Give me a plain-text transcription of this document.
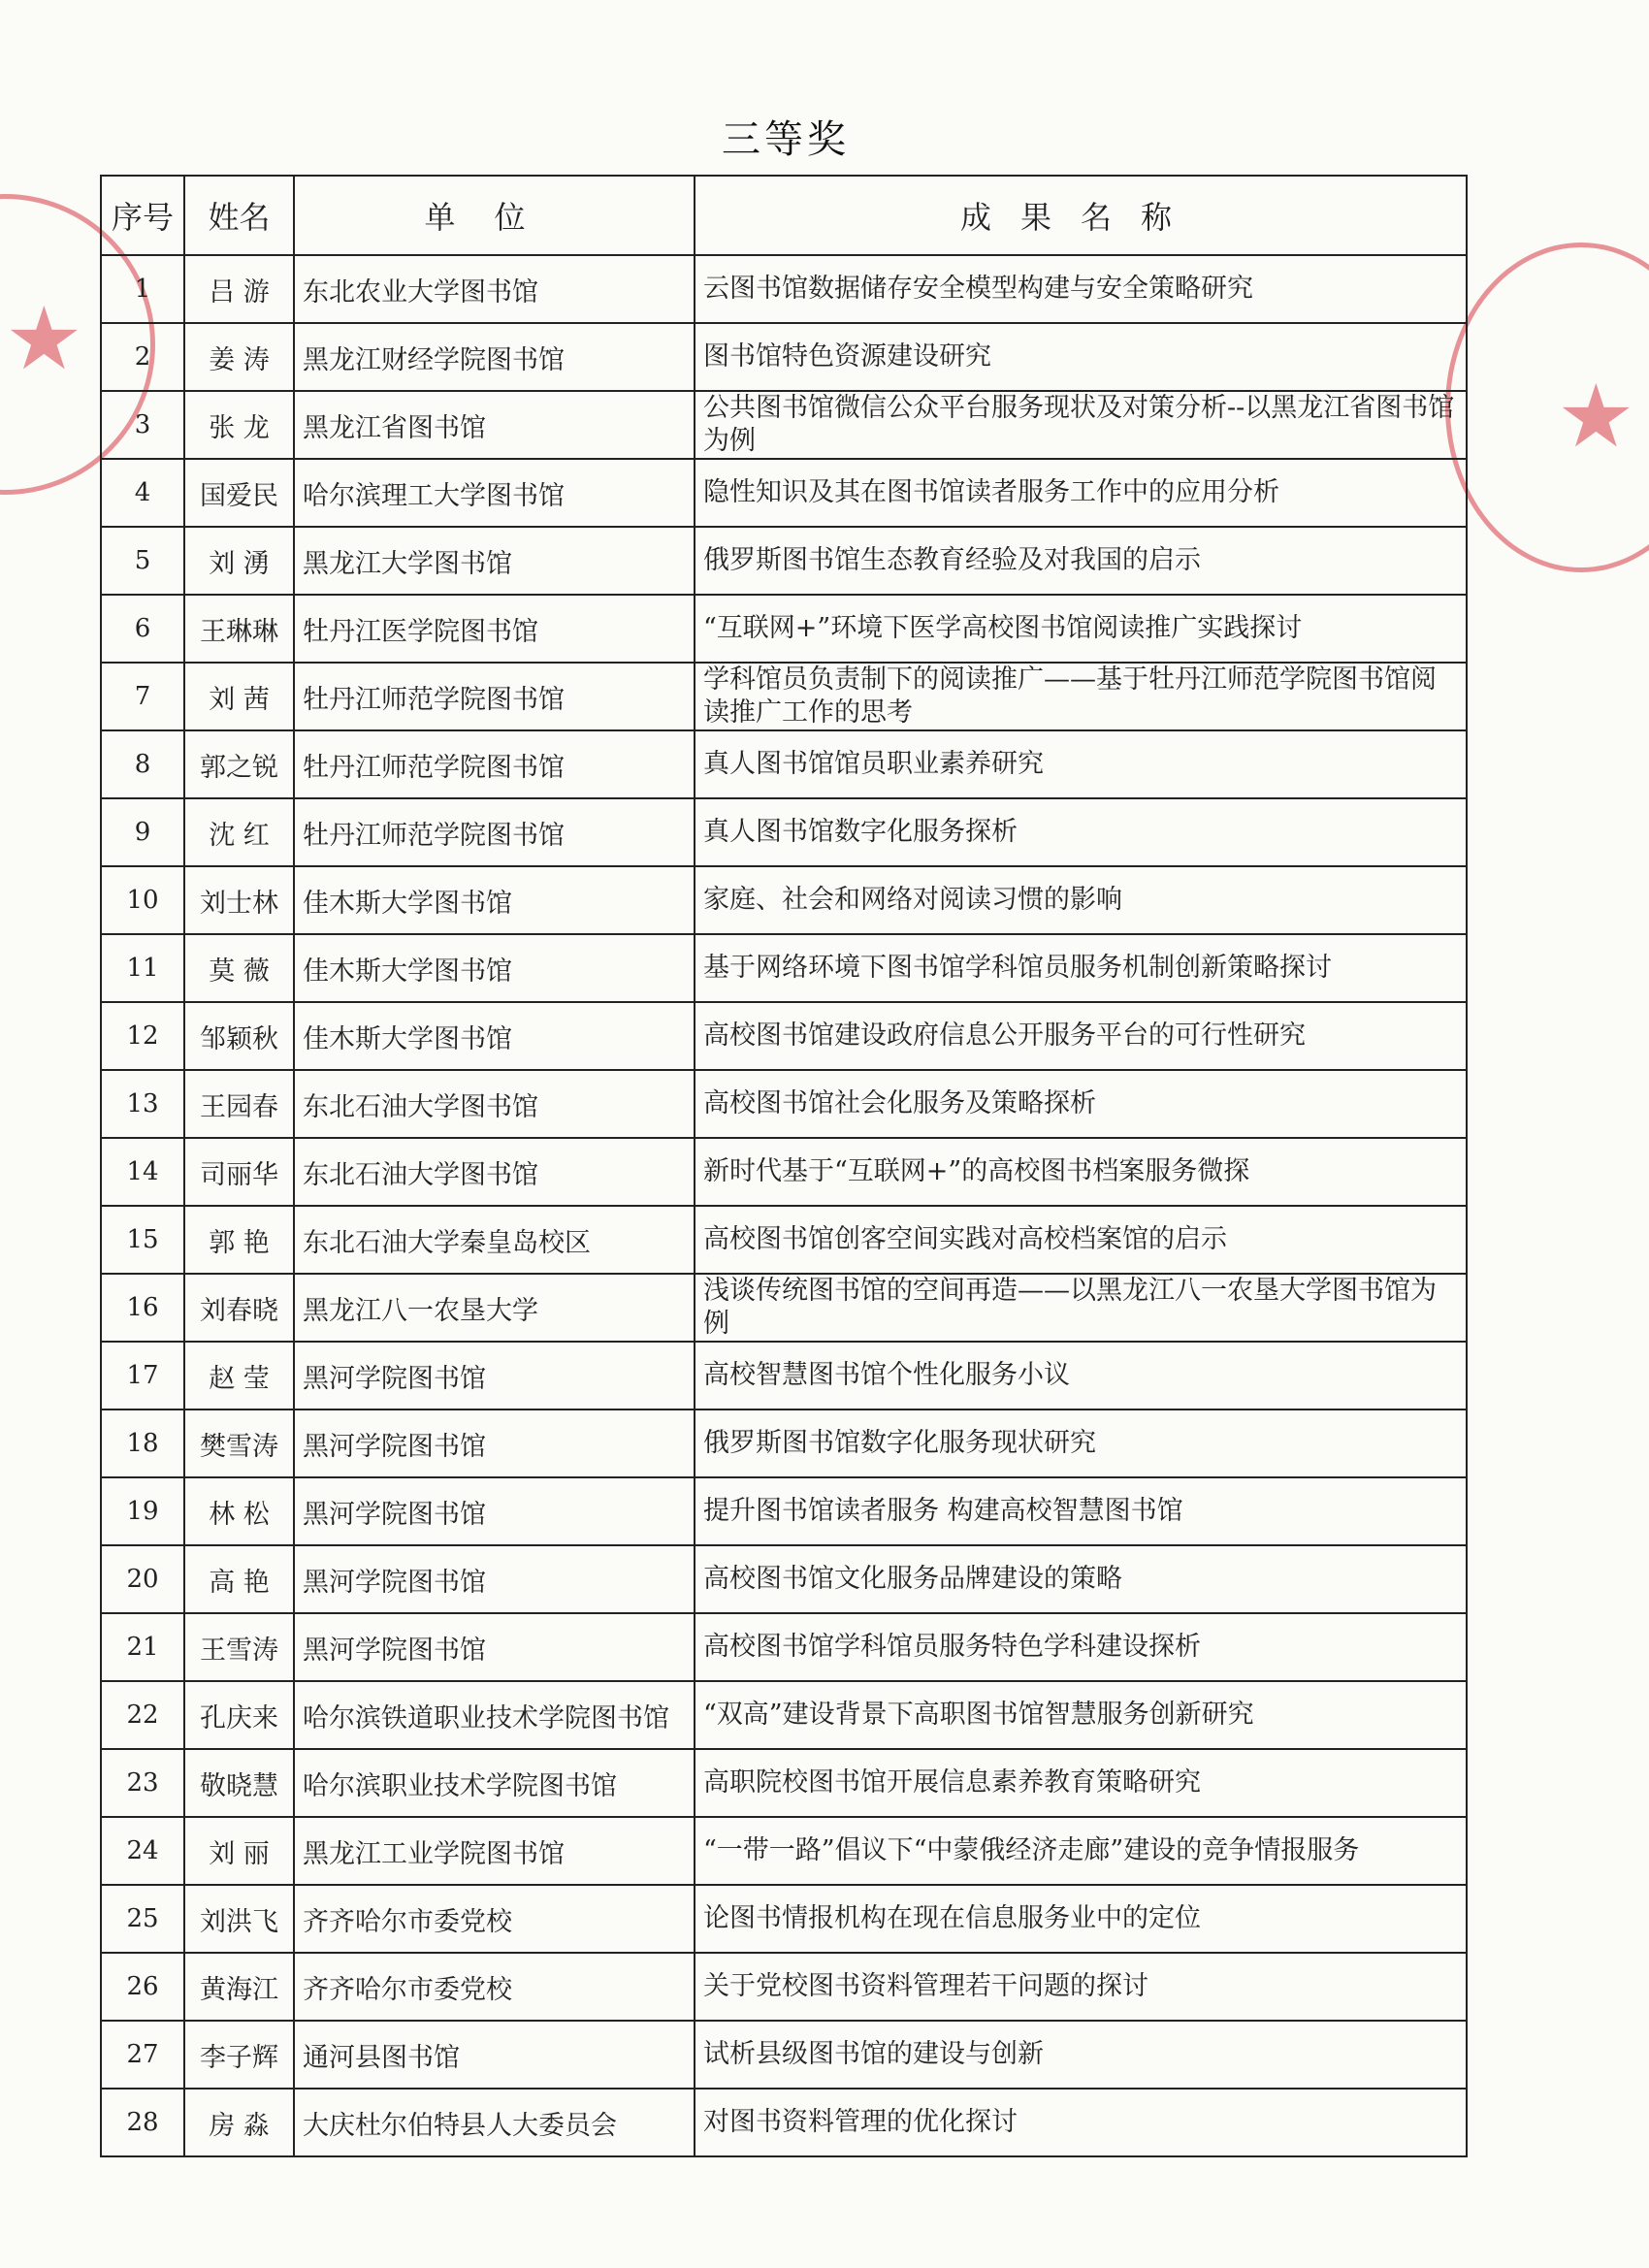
★
★
三等奖
序号	姓名	单位	成果名称
1	吕 游	东北农业大学图书馆	云图书馆数据储存安全模型构建与安全策略研究
2	姜 涛	黑龙江财经学院图书馆	图书馆特色资源建设研究
3	张 龙	黑龙江省图书馆	公共图书馆微信公众平台服务现状及对策分析--以黑龙江省图书馆为例
4	国爱民	哈尔滨理工大学图书馆	隐性知识及其在图书馆读者服务工作中的应用分析
5	刘 湧	黑龙江大学图书馆	俄罗斯图书馆生态教育经验及对我国的启示
6	王琳琳	牡丹江医学院图书馆	“互联网+”环境下医学高校图书馆阅读推广实践探讨
7	刘 茜	牡丹江师范学院图书馆	学科馆员负责制下的阅读推广——基于牡丹江师范学院图书馆阅读推广工作的思考
8	郭之锐	牡丹江师范学院图书馆	真人图书馆馆员职业素养研究
9	沈 红	牡丹江师范学院图书馆	真人图书馆数字化服务探析
10	刘士林	佳木斯大学图书馆	家庭、社会和网络对阅读习惯的影响
11	莫 薇	佳木斯大学图书馆	基于网络环境下图书馆学科馆员服务机制创新策略探讨
12	邹颖秋	佳木斯大学图书馆	高校图书馆建设政府信息公开服务平台的可行性研究
13	王园春	东北石油大学图书馆	高校图书馆社会化服务及策略探析
14	司丽华	东北石油大学图书馆	新时代基于“互联网+”的高校图书档案服务微探
15	郭 艳	东北石油大学秦皇岛校区	高校图书馆创客空间实践对高校档案馆的启示
16	刘春晓	黑龙江八一农垦大学	浅谈传统图书馆的空间再造——以黑龙江八一农垦大学图书馆为例
17	赵 莹	黑河学院图书馆	高校智慧图书馆个性化服务小议
18	樊雪涛	黑河学院图书馆	俄罗斯图书馆数字化服务现状研究
19	林 松	黑河学院图书馆	提升图书馆读者服务 构建高校智慧图书馆
20	高 艳	黑河学院图书馆	高校图书馆文化服务品牌建设的策略
21	王雪涛	黑河学院图书馆	高校图书馆学科馆员服务特色学科建设探析
22	孔庆来	哈尔滨铁道职业技术学院图书馆	“双高”建设背景下高职图书馆智慧服务创新研究
23	敬晓慧	哈尔滨职业技术学院图书馆	高职院校图书馆开展信息素养教育策略研究
24	刘 丽	黑龙江工业学院图书馆	“一带一路”倡议下“中蒙俄经济走廊”建设的竞争情报服务
25	刘洪飞	齐齐哈尔市委党校	论图书情报机构在现在信息服务业中的定位
26	黄海江	齐齐哈尔市委党校	关于党校图书资料管理若干问题的探讨
27	李子辉	通河县图书馆	试析县级图书馆的建设与创新
28	房 淼	大庆杜尔伯特县人大委员会	对图书资料管理的优化探讨
